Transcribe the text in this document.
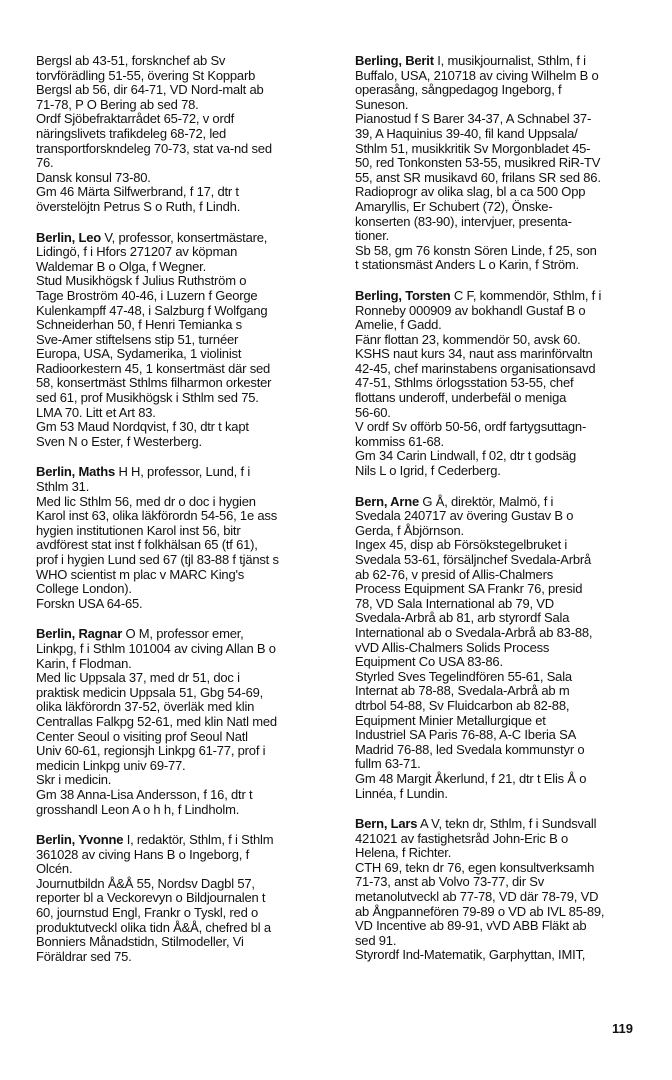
Bergsl ab 43-51, forsknchef ab Sv
torvförädling 51-55, övering St Kopparb
Bergsl ab 56, dir 64-71, VD Nord-malt ab
71-78, P O Bering ab sed 78.
Ordf Sjöbefraktarrådet 65-72, v ordf
näringslivets trafikdeleg 68-72, led
transportforskndeleg 70-73, stat va-nd sed
76.
Dansk konsul 73-80.
Gm 46 Märta Silfwerbrand, f 17, dtr t
överstelöjtn Petrus S o Ruth, f Lindh.
Berlin, Leo V, professor, konsertmästare,
Lidingö, f i Hfors 271207 av köpman
Waldemar B o Olga, f Wegner.
Stud Musikhögsk f Julius Ruthström o
Tage Broström 40-46, i Luzern f George
Kulenkampff 47-48, i Salzburg f Wolfgang
Schneiderhan 50, f Henri Temianka s
Sve-Amer stiftelsens stip 51, turnéer
Europa, USA, Sydamerika, 1 violinist
Radioorkestern 45, 1 konsertmäst där sed
58, konsertmäst Sthlms filharmon orkester
sed 61, prof Musikhögsk i Sthlm sed 75.
LMA 70. Litt et Art 83.
Gm 53 Maud Nordqvist, f 30, dtr t kapt
Sven N o Ester, f Westerberg.
Berlin, Maths H H, professor, Lund, f i
Sthlm 31.
Med lic Sthlm 56, med dr o doc i hygien
Karol inst 63, olika läkförordn 54-56, 1e ass
hygien institutionen Karol inst 56, bitr
avdförest stat inst f folkhälsan 65 (tf 61),
prof i hygien Lund sed 67 (tjl 83-88 f tjänst s
WHO scientist m plac v MARC King's
College London).
Forskn USA 64-65.
Berlin, Ragnar O M, professor emer,
Linkpg, f i Sthlm 101004 av civing Allan B o
Karin, f Flodman.
Med lic Uppsala 37, med dr 51, doc i
praktisk medicin Uppsala 51, Gbg 54-69,
olika läkförordn 37-52, överläk med klin
Centrallas Falkpg 52-61, med klin Natl med
Center Seoul o visiting prof Seoul Natl
Univ 60-61, regionsjh Linkpg 61-77, prof i
medicin Linkpg univ 69-77.
Skr i medicin.
Gm 38 Anna-Lisa Andersson, f 16, dtr t
grosshandl Leon A o h h, f Lindholm.
Berlin, Yvonne I, redaktör, Sthlm, f i Sthlm
361028 av civing Hans B o Ingeborg, f
Olcén.
Journutbildn Å&Å 55, Nordsv Dagbl 57,
reporter bl a Veckorevyn o Bildjournalen t
60, journstud Engl, Frankr o Tyskl, red o
produktutveckl olika tidn Å&Å, chefred bl a
Bonniers Månadstidn, Stilmodeller, Vi
Föräldrar sed 75.
Berling, Berit I, musikjournalist, Sthlm, f i
Buffalo, USA, 210718 av civing Wilhelm B o
operasång, sångpedagog Ingeborg, f
Suneson.
Pianostud f S Barer 34-37, A Schnabel 37-
39, A Haquinius 39-40, fil kand Uppsala/
Sthlm 51, musikkritik Sv Morgonbladet 45-
50, red Tonkonsten 53-55, musikred RiR-TV
55, anst SR musikavd 60, frilans SR sed 86.
Radioprogr av olika slag, bl a ca 500 Opp
Amaryllis, Er Schubert (72), Önske-
konserten (83-90), intervjuer, presenta-
tioner.
Sb 58, gm 76 konstn Sören Linde, f 25, son
t stationsmäst Anders L o Karin, f Ström.
Berling, Torsten C F, kommendör, Sthlm, f i
Ronneby 000909 av bokhandl Gustaf B o
Amelie, f Gadd.
Fänr flottan 23, kommendör 50, avsk 60.
KSHS naut kurs 34, naut ass marinförvaltn
42-45, chef marinstabens organisationsavd
47-51, Sthlms örlogsstation 53-55, chef
flottans underoff, underbefäl o meniga
56-60.
V ordf Sv offörb 50-56, ordf fartygsuttagn-
kommiss 61-68.
Gm 34 Carin Lindwall, f 02, dtr t godsäg
Nils L o Igrid, f Cederberg.
Bern, Arne G Å, direktör, Malmö, f i
Svedala 240717 av övering Gustav B o
Gerda, f Åbjörnson.
Ingex 45, disp ab Försökstegelbruket i
Svedala 53-61, försäljnchef Svedala-Arbrå
ab 62-76, v presid of Allis-Chalmers
Process Equipment SA Frankr 76, presid
78, VD Sala International ab 79, VD
Svedala-Arbrå ab 81, arb styrordf Sala
International ab o Svedala-Arbrå ab 83-88,
vVD Allis-Chalmers Solids Process
Equipment Co USA 83-86.
Styrled Sves Tegelindfören 55-61, Sala
Internat ab 78-88, Svedala-Arbrå ab m
dtrbol 54-88, Sv Fluidcarbon ab 82-88,
Equipment Minier Metallurgique et
Industriel SA Paris 76-88, A-C Iberia SA
Madrid 76-88, led Svedala kommunstyr o
fullm 63-71.
Gm 48 Margit Åkerlund, f 21, dtr t Elis Å o
Linnéa, f Lundin.
Bern, Lars A V, tekn dr, Sthlm, f i Sundsvall
421021 av fastighetsråd John-Eric B o
Helena, f Richter.
CTH 69, tekn dr 76, egen konsultverksamh
71-73, anst ab Volvo 73-77, dir Sv
metanolutveckl ab 77-78, VD där 78-79, VD
ab Ångpannefören 79-89 o VD ab IVL 85-89,
VD Incentive ab 89-91, vVD ABB Fläkt ab
sed 91.
Styrordf Ind-Matematik, Garphyttan, IMIT,
119
